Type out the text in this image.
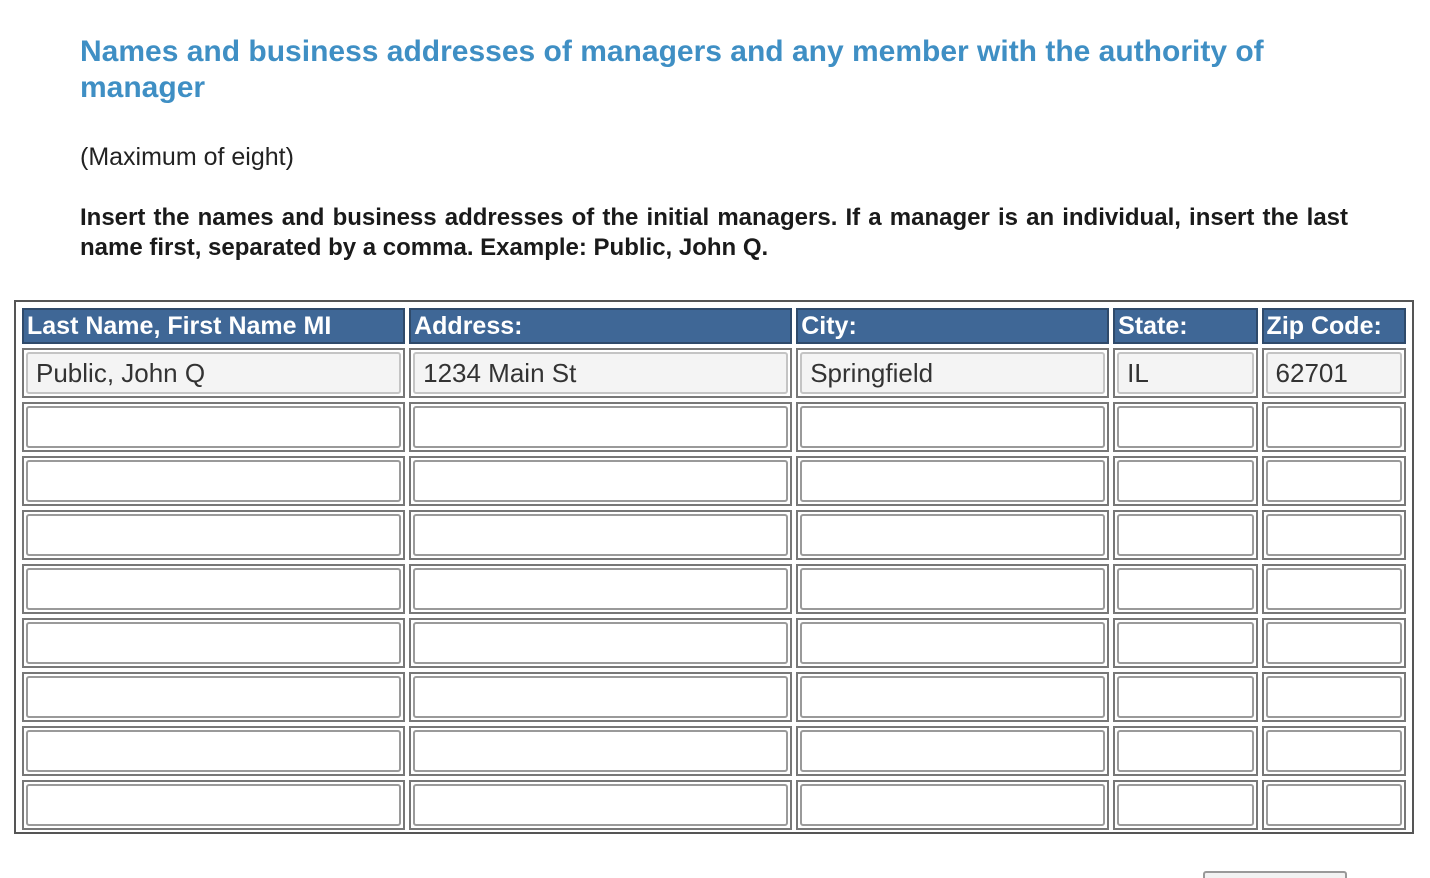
Names and business addresses of managers and any member with the authority of manager

(Maximum of eight)

Insert the names and business addresses of the initial managers. If a manager is an individual, insert the last name first, separated by a comma. Example: Public, John Q.

Last Name, First Name MI	Address:	City:	State:	Zip Code:
Public, John Q	1234 Main St	Springfield	IL	62701
